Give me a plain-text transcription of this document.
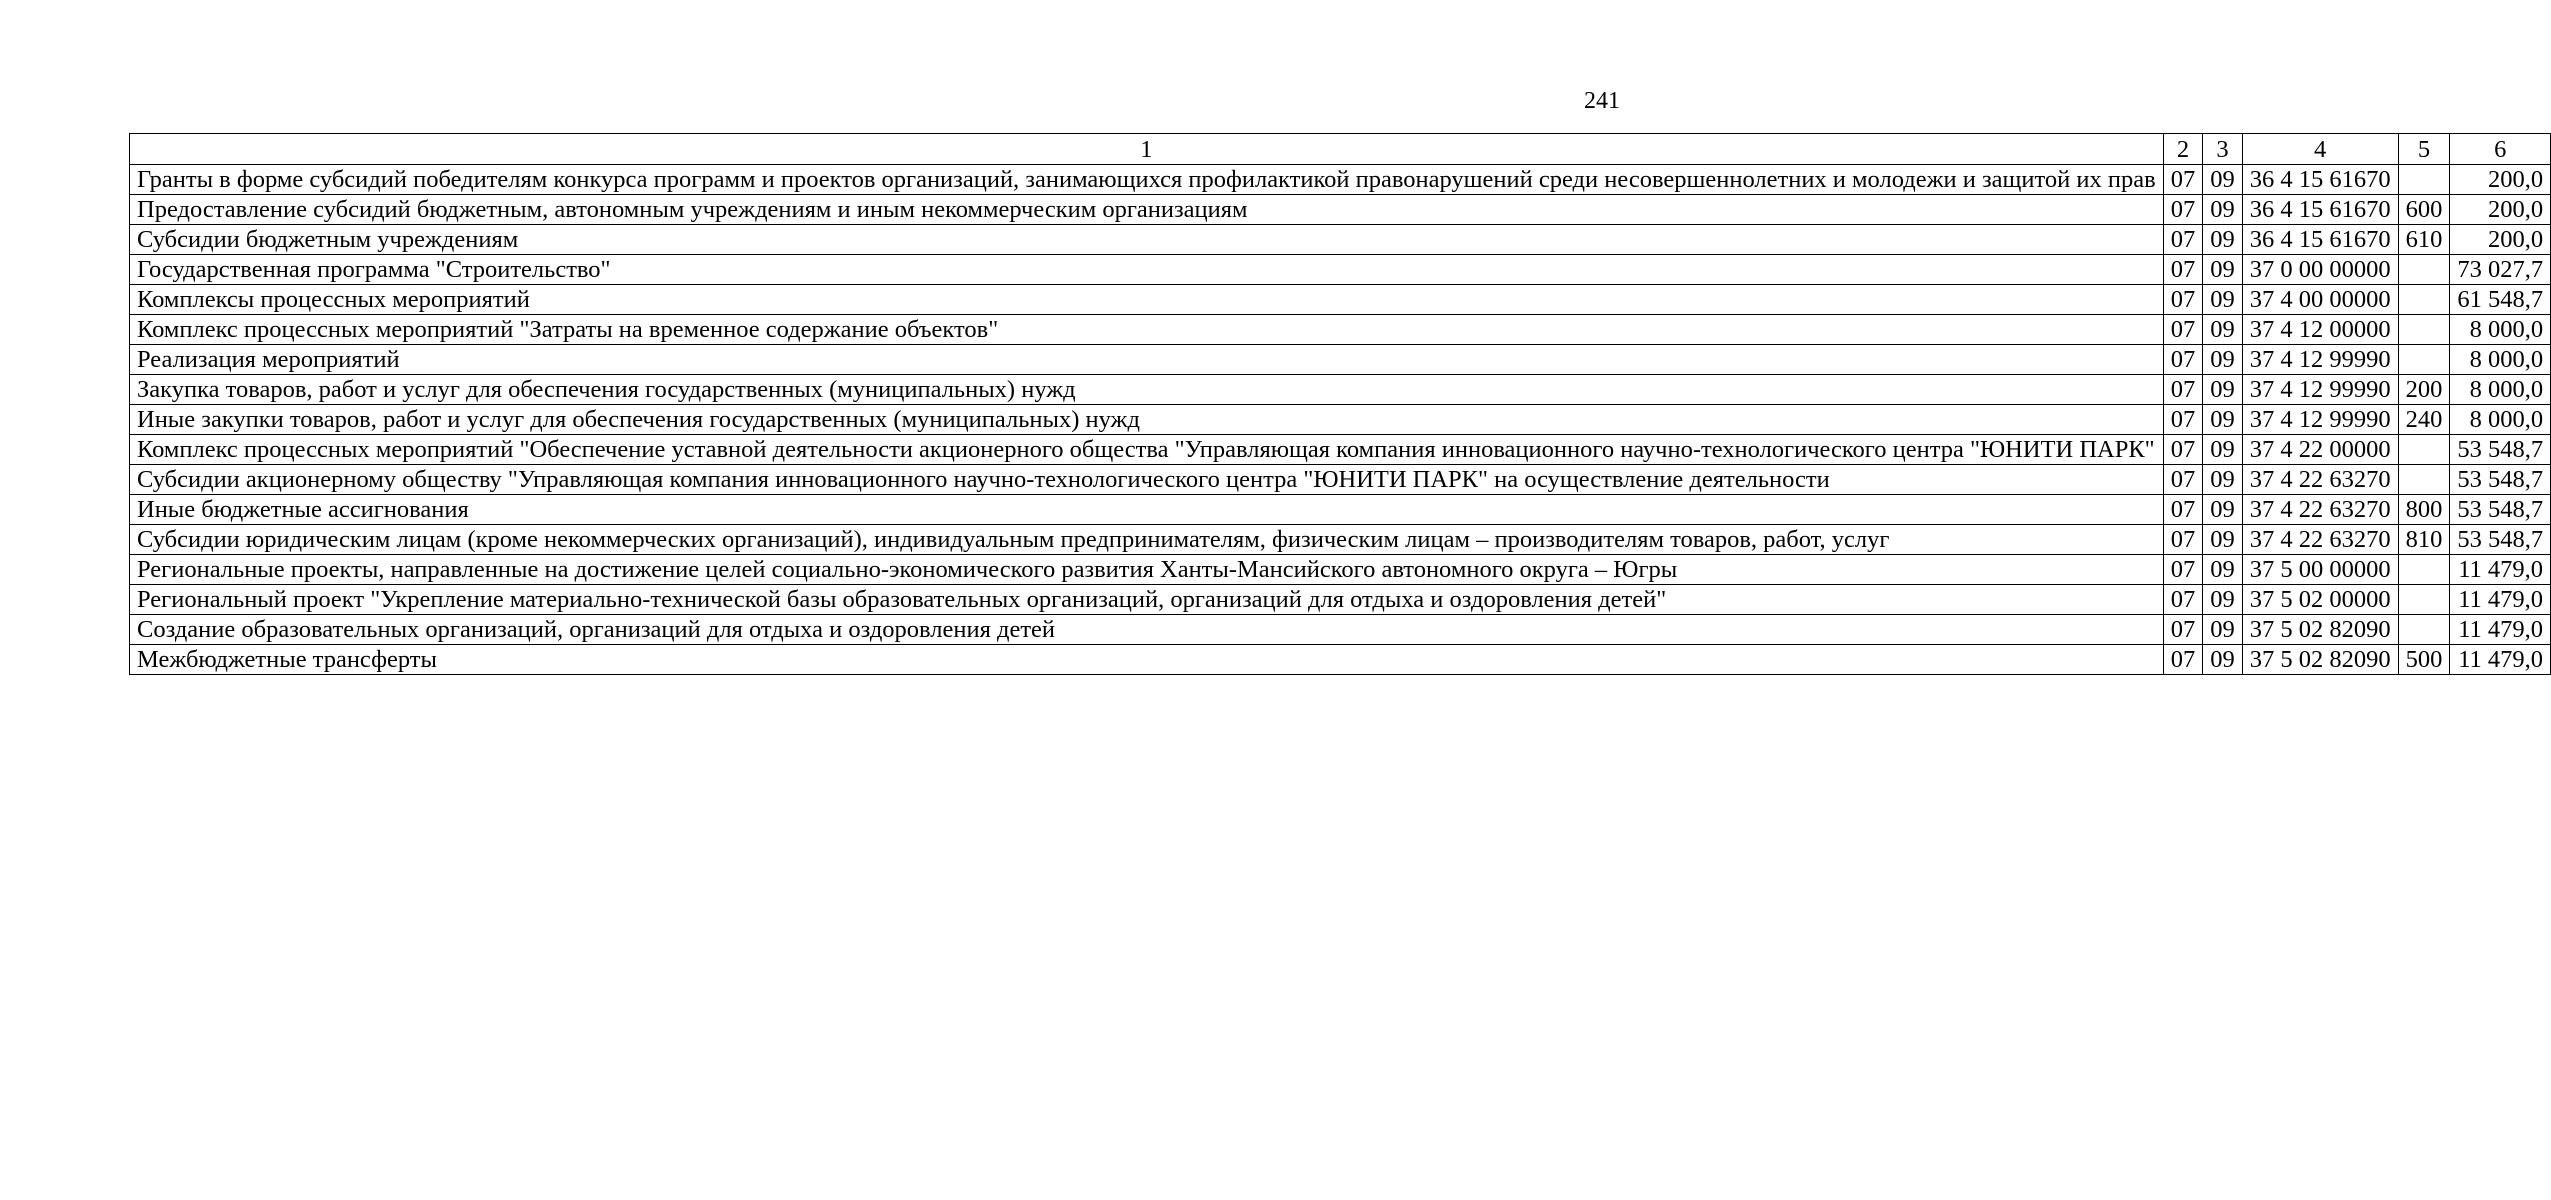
241
1	2	3	4	5	6
Гранты в форме субсидий победителям конкурса программ и проектов организаций, занимающихся профилактикой правонарушений среди несовершеннолетних и молодежи и защитой их прав	07	09	36 4 15 61670		200,0
Предоставление субсидий бюджетным, автономным учреждениям и иным некоммерческим организациям	07	09	36 4 15 61670	600	200,0
Субсидии бюджетным учреждениям	07	09	36 4 15 61670	610	200,0
Государственная программа "Строительство"	07	09	37 0 00 00000		73 027,7
Комплексы процессных мероприятий	07	09	37 4 00 00000		61 548,7
Комплекс процессных мероприятий "Затраты на временное содержание объектов"	07	09	37 4 12 00000		8 000,0
Реализация мероприятий	07	09	37 4 12 99990		8 000,0
Закупка товаров, работ и услуг для обеспечения государственных (муниципальных) нужд	07	09	37 4 12 99990	200	8 000,0
Иные закупки товаров, работ и услуг для обеспечения государственных (муниципальных) нужд	07	09	37 4 12 99990	240	8 000,0
Комплекс процессных мероприятий "Обеспечение уставной деятельности акционерного общества "Управляющая компания инновационного научно-технологического центра "ЮНИТИ ПАРК"	07	09	37 4 22 00000		53 548,7
Субсидии акционерному обществу "Управляющая компания инновационного научно-технологического центра "ЮНИТИ ПАРК" на осуществление деятельности	07	09	37 4 22 63270		53 548,7
Иные бюджетные ассигнования	07	09	37 4 22 63270	800	53 548,7
Субсидии юридическим лицам (кроме некоммерческих организаций), индивидуальным предпринимателям, физическим лицам – производителям товаров, работ, услуг	07	09	37 4 22 63270	810	53 548,7
Региональные проекты, направленные на достижение целей социально-экономического развития Ханты-Мансийского автономного округа – Югры	07	09	37 5 00 00000		11 479,0
Региональный проект "Укрепление материально-технической базы образовательных организаций, организаций для отдыха и оздоровления детей"	07	09	37 5 02 00000		11 479,0
Создание образовательных организаций, организаций для отдыха и оздоровления детей	07	09	37 5 02 82090		11 479,0
Межбюджетные трансферты	07	09	37 5 02 82090	500	11 479,0
